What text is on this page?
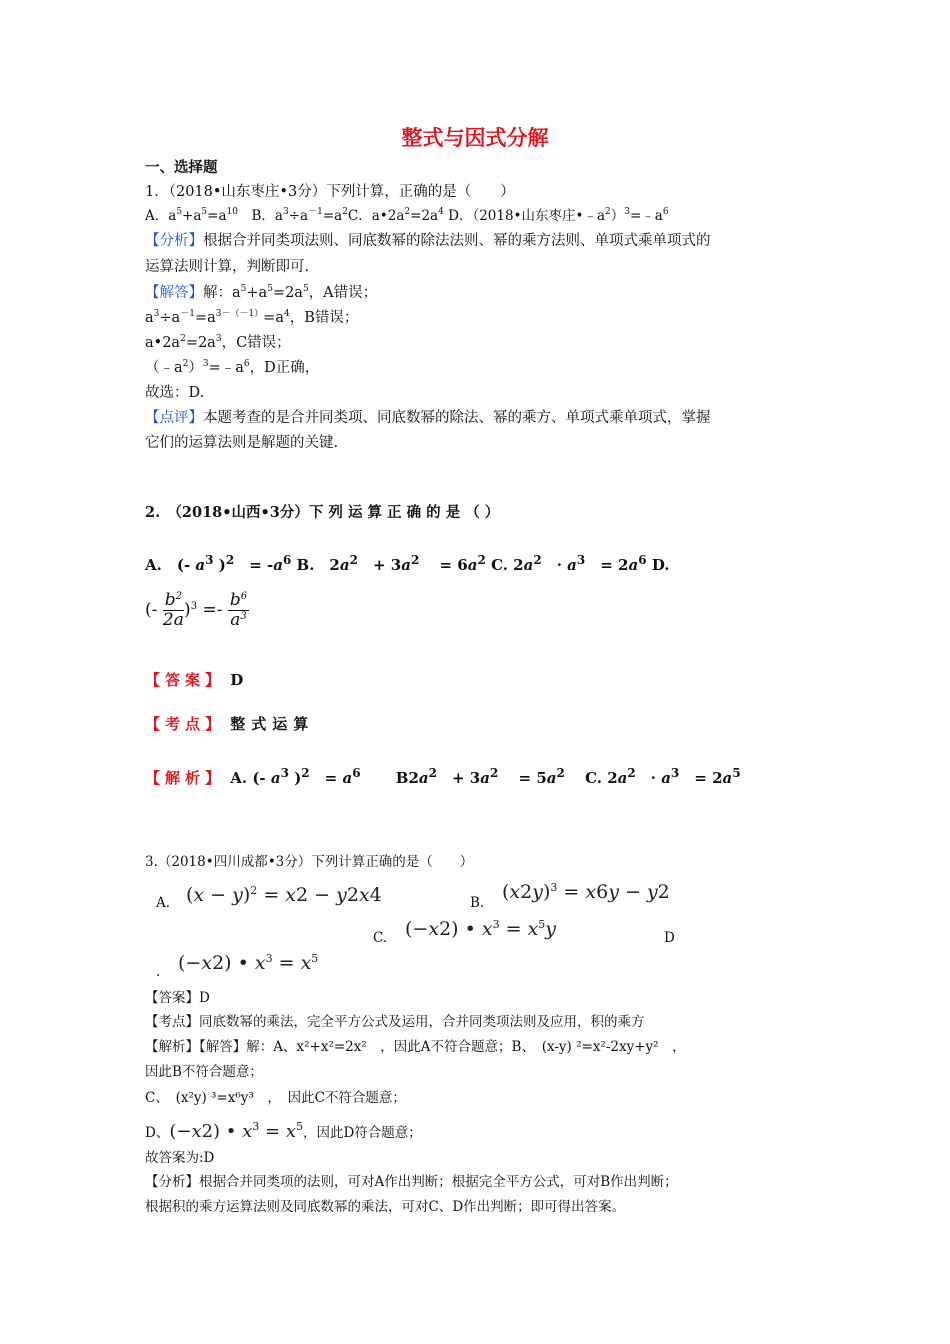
整式与因式分解
一、选择题
1．（2018•山东枣庄•3分）下列计算，正确的是（　　）
A．$a^5+a^5=a^{10}$　B．$a^3\div a^{-1}=a^2C$．$a•2a^2=2a^4$ D．（2018•山东枣庄$•﹣a^2)^3=﹣a^6$
【分析】根据合并同类项法则、同底数幂的除法法则、幂的乘方法则、单项式乘单项式的
运算法则计算，判断即可.
【解答】解：$a^5+a^5=2a^5$，A错误；
$a^3\div a^{-1}=a^{3-(-1)}=a^4$，B错误；
$a•2a^2=2a^3$，C错误；
$(﹣a^2)^3=﹣a^6$，D正确，
故选：D.
【点评】本题考查的是合并同类项、同底数幂的除法、幂的乘方、单项式乘单项式，掌握
它们的运算法则是解题的关键.
2.　（2018•山西•3分）下 列 运 算 正 确 的 是 （ ）
A.　(- $a^3$ )$^2$　= $-a^6$ B.　$2a^2$　+ $3a^2$　 = $6a^2$ C. $2a^2$　· $a^3$　= $2a^6$ D.
(- $\frac{b^2}{2a} )^3 =- \frac{b^6}{a^3}$
【答案】 D
【考点】 整式运算
【解析】 A. (- $a^3$ )$^2$　= $a^6$　　 $B2a^2$　+ $3a^2$　 = $5a^2$　 C. $2a^2$　· $a^3$　= $2a^5$
3.（2018•四川成都•3分）下列计算正确的是（　　）
A. $(x - y)^2 = x2 - y2x4$	B. $(x2y)^3 = x6y - y2$
C. (−x2) • $x^3 = x^5y$	D
. (−x2) • $x^3 = x^5$
【答案】D
【考点】同底数幂的乘法，完全平方公式及运用，合并同类项法则及应用，积的乘方
【解析】【解答】解：A、x²+x²=2x²　，因此A不符合题意；B、　(x-y) ²=x²-2xy+y²　，
因此B不符合题意；
C、　(x²y) ³=x⁶y³　，　因此C不符合题意；
D、(−x2) • $x^3 = x^5$，因此D符合题意；
故答案为:D
【分析】根据合并同类项的法则，可对A作出判断；根据完全平方公式，可对B作出判断；
根据积的乘方运算法则及同底数幂的乘法，可对C、D作出判断；即可得出答案。
